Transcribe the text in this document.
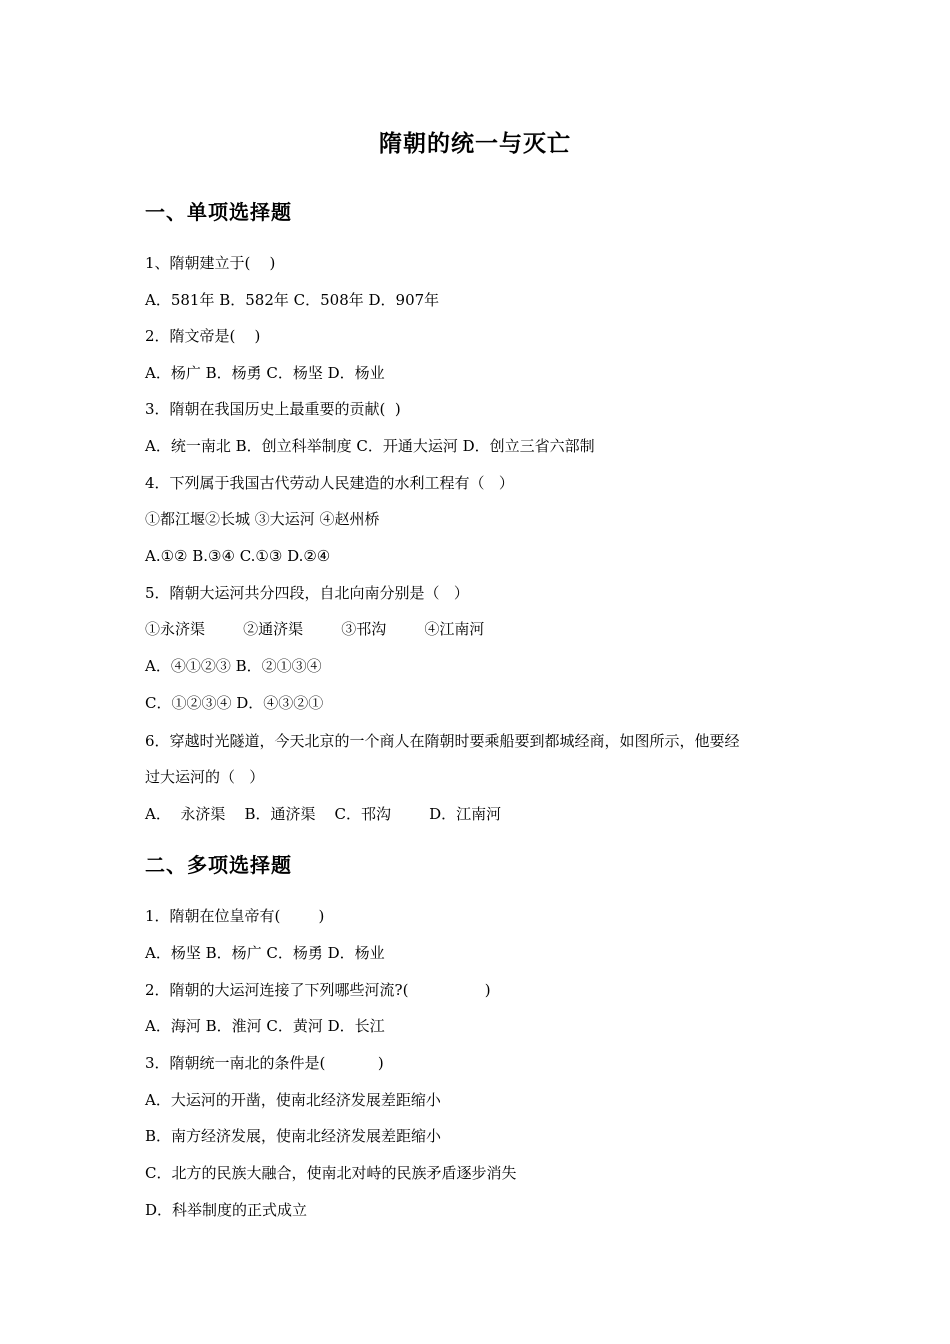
隋朝的统一与灭亡
一、单项选择题
1、隋朝建立于(    )
A．581年 B．582年 C．508年 D．907年
2．隋文帝是(    )
A．杨广 B．杨勇 C．杨坚 D．杨业
3．隋朝在我国历史上最重要的贡献(  )
A．统一南北 B．创立科举制度 C．开通大运河 D．创立三省六部制
4．下列属于我国古代劳动人民建造的水利工程有（   ）
①都江堰②长城 ③大运河 ④赵州桥
A.①② B.③④ C.①③ D.②④
5．隋朝大运河共分四段，自北向南分别是（   ）
①永济渠        ②通济渠        ③邗沟        ④江南河
A．④①②③ B．②①③④
C．①②③④ D．④③②①
6．穿越时光隧道，今天北京的一个商人在隋朝时要乘船要到都城经商，如图所示，他要经
过大运河的（   ）
A．  永济渠    B．通济渠    C．邗沟        D．江南河
二、多项选择题
1．隋朝在位皇帝有(        )
A．杨坚 B．杨广 C．杨勇 D．杨业
2．隋朝的大运河连接了下列哪些河流?(                )
A．海河 B．淮河 C．黄河 D．长江
3．隋朝统一南北的条件是(           )
A．大运河的开凿，使南北经济发展差距缩小
B．南方经济发展，使南北经济发展差距缩小
C．北方的民族大融合，使南北对峙的民族矛盾逐步消失
D．科举制度的正式成立
